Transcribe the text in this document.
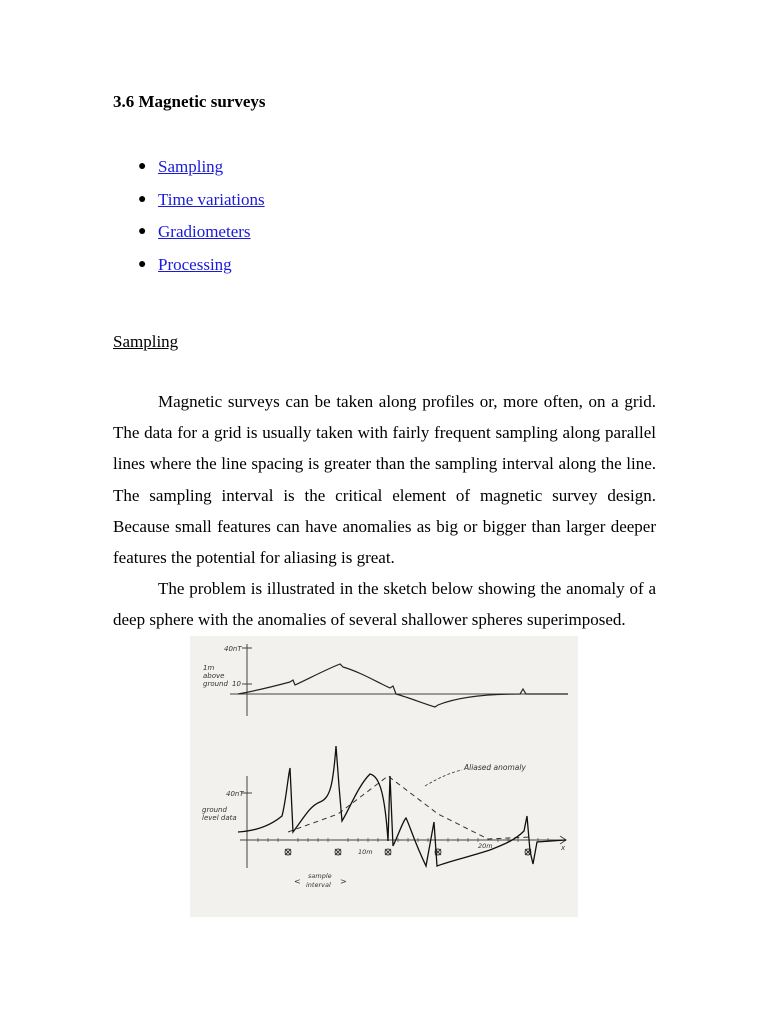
3.6 Magnetic surveys
● Sampling
● Time variations
● Gradiometers
● Processing
Sampling

Magnetic surveys can be taken along profiles or, more often, on a grid. The data for a grid is usually taken with fairly frequent sampling along parallel lines where the line spacing is greater than the sampling interval along the line. The sampling interval is the critical element of magnetic survey design. Because small features can have anomalies as big or bigger than larger deeper features the potential for aliasing is great.

The problem is illustrated in the sketch below showing the anomaly of a deep sphere with the anomalies of several shallower spheres superimposed.

40nT
10
1m
above
ground
40nT
ground
level data
10m
20m	x
<
sample
interval >
Aliased anomaly
